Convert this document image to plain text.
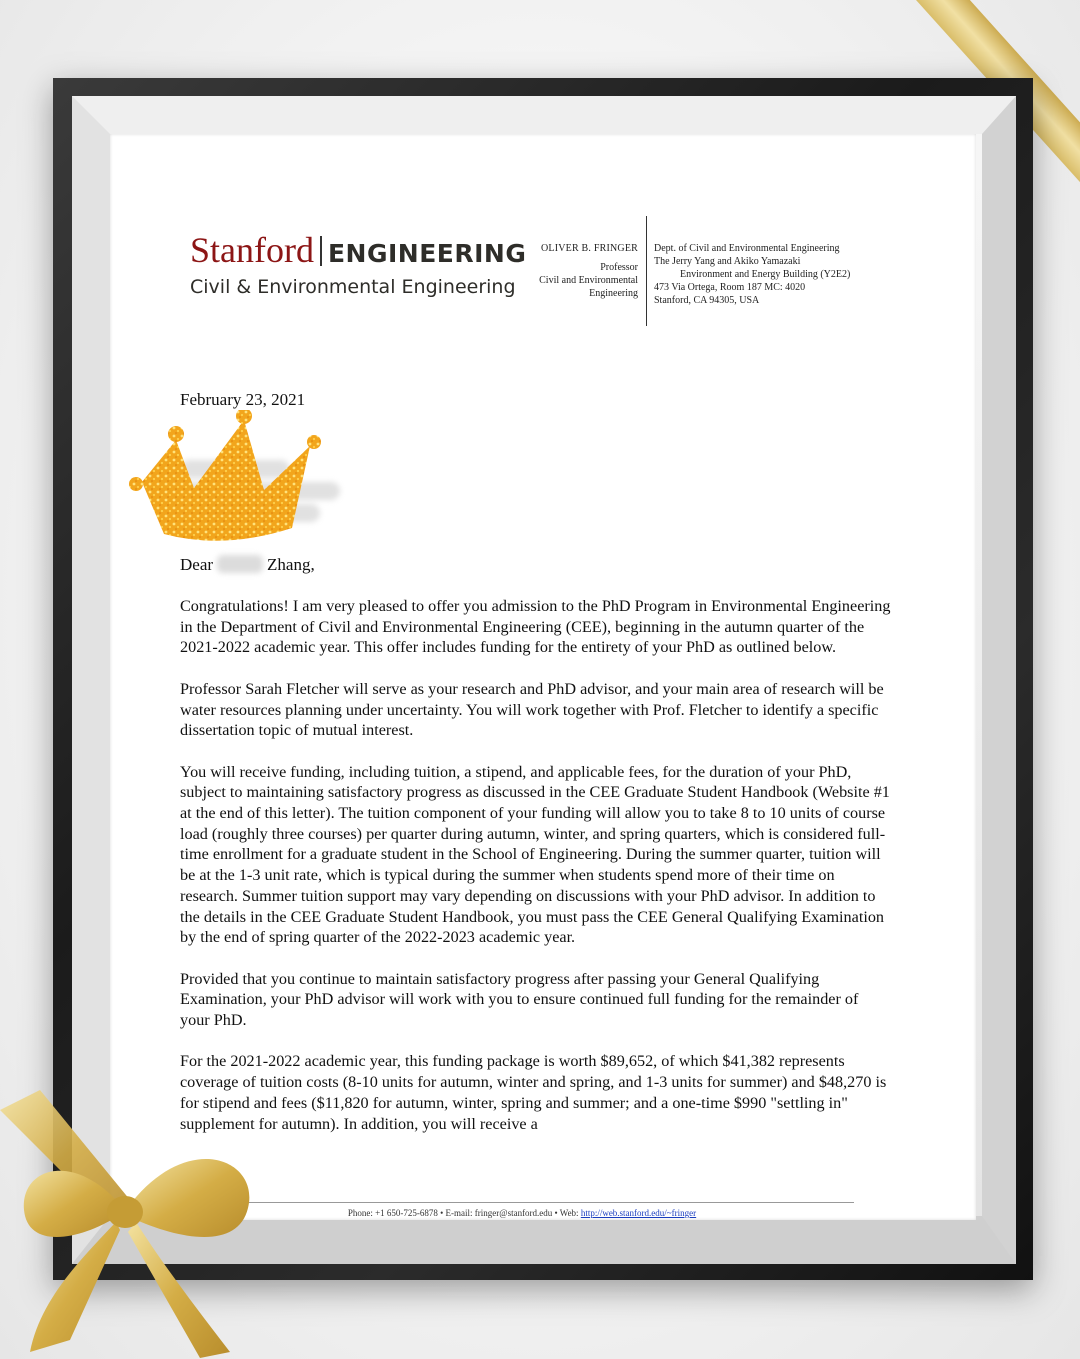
Stanford ENGINEERING
Civil & Environmental Engineering
OLIVER B. FRINGER
Professor
Civil and Environmental
Engineering
Dept. of Civil and Environmental Engineering
The Jerry Yang and Akiko Yamazaki
Environment and Energy Building (Y2E2)
473 Via Ortega, Room 187 MC: 4020
Stanford, CA 94305, USA
February 23, 2021
Dear	Zhang,

Congratulations! I am very pleased to offer you admission to the PhD Program in Environmental Engineering in the Department of Civil and Environmental Engineering (CEE), beginning in the autumn quarter of the 2021-2022 academic year. This offer includes funding for the entirety of your PhD as outlined below.

Professor Sarah Fletcher will serve as your research and PhD advisor, and your main area of research will be water resources planning under uncertainty. You will work together with Prof. Fletcher to identify a specific dissertation topic of mutual interest.

You will receive funding, including tuition, a stipend, and applicable fees, for the duration of your PhD, subject to maintaining satisfactory progress as discussed in the CEE Graduate Student Handbook (Website #1 at the end of this letter). The tuition component of your funding will allow you to take 8 to 10 units of course load (roughly three courses) per quarter during autumn, winter, and spring quarters, which is considered full-time enrollment for a graduate student in the School of Engineering. During the summer quarter, tuition will be at the 1-3 unit rate, which is typical during the summer when students spend more of their time on research. Summer tuition support may vary depending on discussions with your PhD advisor. In addition to the details in the CEE Graduate Student Handbook, you must pass the CEE General Qualifying Examination by the end of spring quarter of the 2022-2023 academic year.

Provided that you continue to maintain satisfactory progress after passing your General Qualifying Examination, your PhD advisor will work with you to ensure continued full funding for the remainder of your PhD.

For the 2021-2022 academic year, this funding package is worth $89,652, of which $41,382 represents coverage of tuition costs (8-10 units for autumn, winter and spring, and 1-3 units for summer) and $48,270 is for stipend and fees ($11,820 for autumn, winter, spring and summer; and a one-time $990 "settling in" supplement for autumn). In addition, you will receive a

Phone: +1 650-725-6878 • E-mail: fringer@stanford.edu • Web: http://web.stanford.edu/~fringer
